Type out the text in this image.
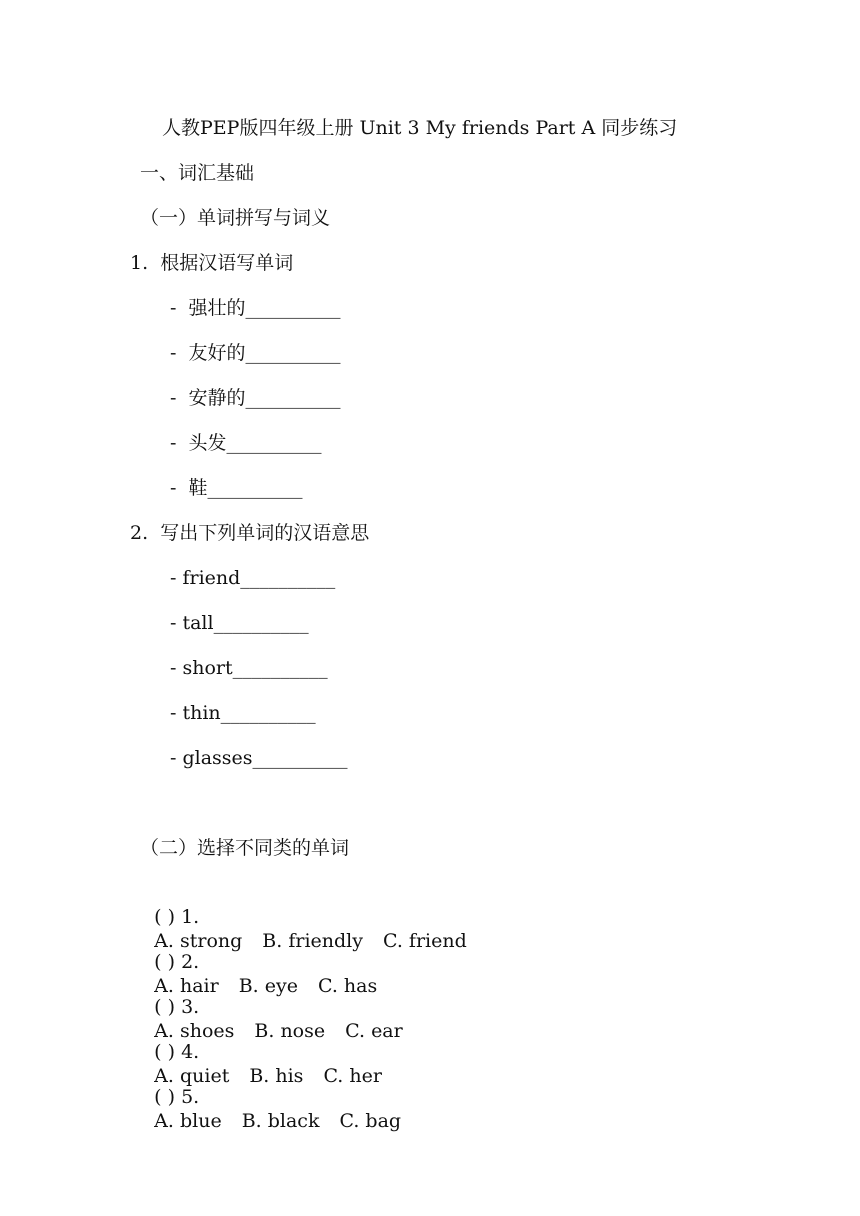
人教PEP版四年级上册 Unit 3 My friends Part A 同步练习
一、词汇基础
（一）单词拼写与词义
1.  根据汉语写单词
-  强壮的__________
-  友好的__________
-  安静的__________
-  头发__________
-  鞋__________
2.  写出下列单词的汉语意思
- friend__________
- tall__________
- short__________
- thin__________
- glasses__________
（二）选择不同类的单词

( ) 1.
A. strong B. friendly C. friend

( ) 2.
A. hair B. eye C. has

( ) 3.
A. shoes B. nose C. ear

( ) 4.
A. quiet B. his C. her

( ) 5.
A. blue B. black C. bag
